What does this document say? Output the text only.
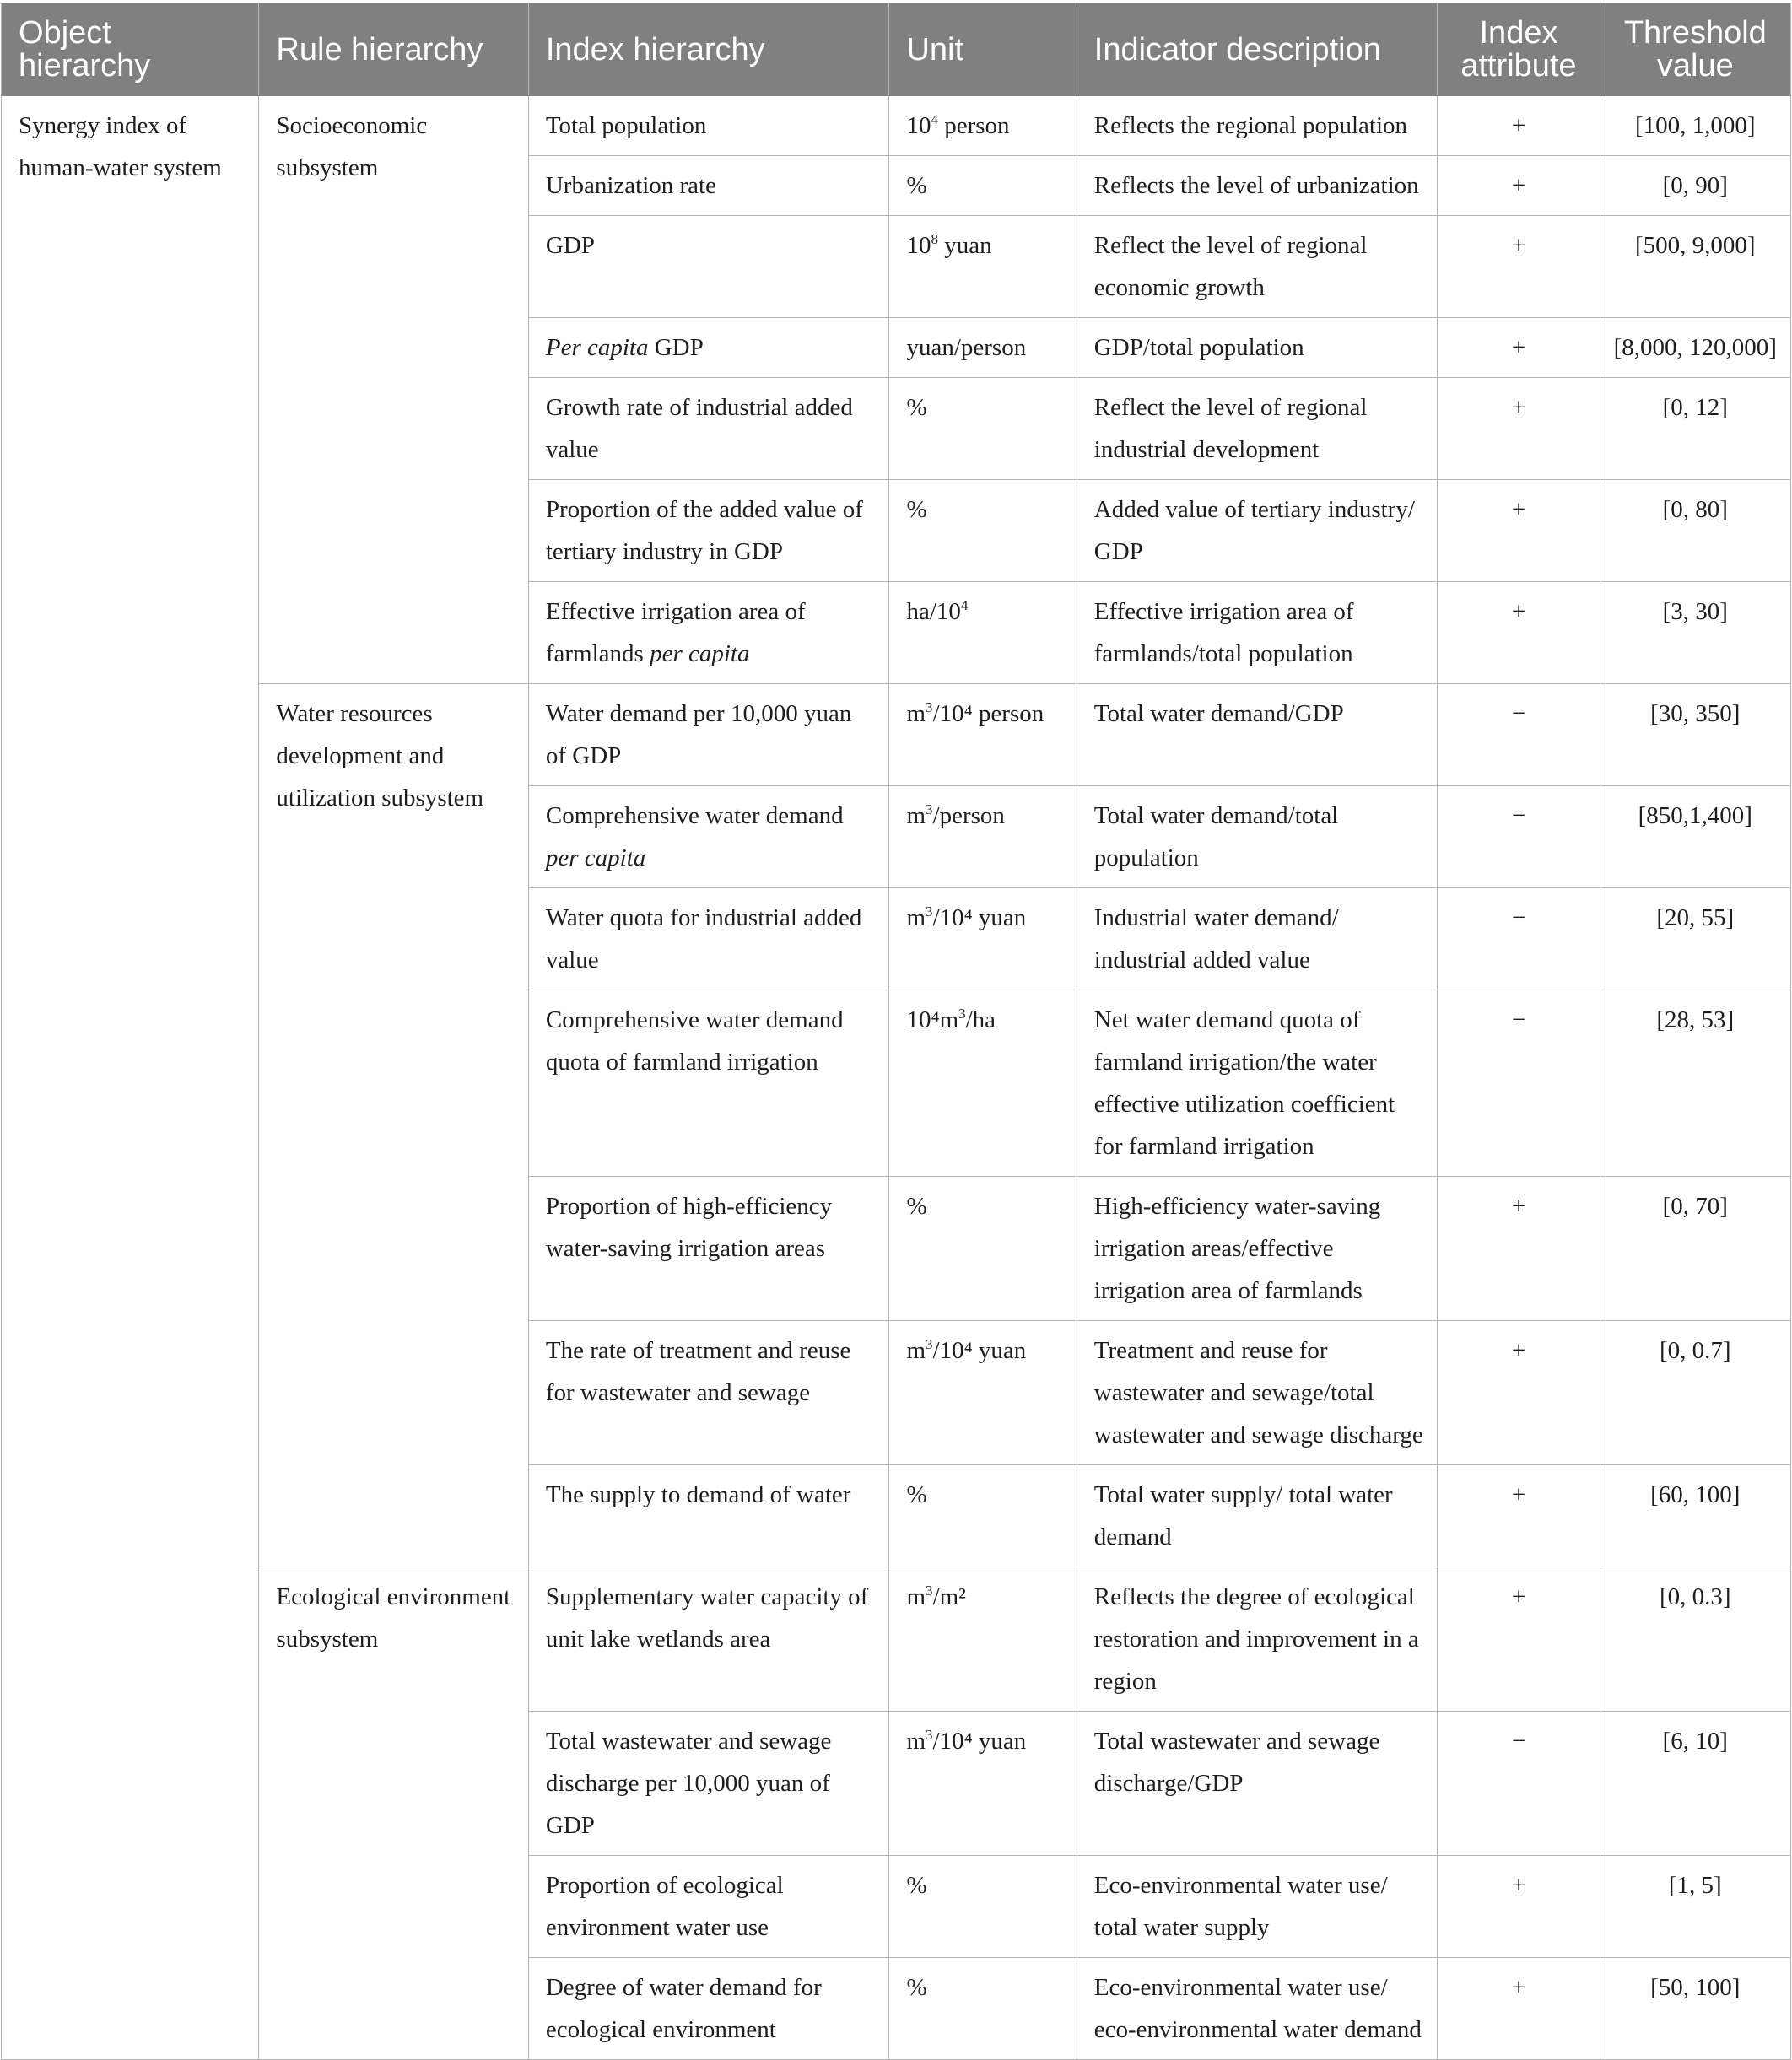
Object hierarchy	Rule hierarchy	Index hierarchy	Unit	Indicator description	Index attribute	Threshold value
Synergy index of human-water system	Socioeconomic subsystem	Total population	$10^4$ person	Reflects the regional population	+	[100, 1,000]
		Urbanization rate	%	Reflects the level of urbanization	+	[0, 90]
		GDP	$10^8$ yuan	Reflect the level of regional economic growth	+	[500, 9,000]
		Per capita GDP	yuan/person	GDP/total population	+	[8,000, 120,000]
		Growth rate of industrial added value	%	Reflect the level of regional industrial development	+	[0, 12]
		Proportion of the added value of tertiary industry in GDP	%	Added value of tertiary industry/ GDP	+	[0, 80]
		Effective irrigation area of farmlands per capita	$ha/10^4$	Effective irrigation area of farmlands/total population	+	[3, 30]
	Water resources development and utilization subsystem	Water demand per 10,000 yuan of GDP	$m^3/10^4$ person	Total water demand/GDP	−	[30, 350]
		Comprehensive water demand per capita	$m^3$/person	Total water demand/total population	−	[850,1,400]
		Water quota for industrial added value	$m^3/10^4$ yuan	Industrial water demand/ industrial added value	−	[20, 55]
		Comprehensive water demand quota of farmland irrigation	$10^4m^3/ha$	Net water demand quota of farmland irrigation/the water effective utilization coefficient for farmland irrigation	−	[28, 53]
		Proportion of high-efficiency water-saving irrigation areas	%	High-efficiency water-saving irrigation areas/effective irrigation area of farmlands	+	[0, 70]
		The rate of treatment and reuse for wastewater and sewage	$m^3/10^4$ yuan	Treatment and reuse for wastewater and sewage/total wastewater and sewage discharge	+	[0, 0.7]
		The supply to demand of water	%	Total water supply/ total water demand	+	[60, 100]
	Ecological environment subsystem	Supplementary water capacity of unit lake wetlands area	$m^3/m^2$	Reflects the degree of ecological restoration and improvement in a region	+	[0, 0.3]
		Total wastewater and sewage discharge per 10,000 yuan of GDP	$m^3/10^4$ yuan	Total wastewater and sewage discharge/GDP	−	[6, 10]
		Proportion of ecological environment water use	%	Eco-environmental water use/ total water supply	+	[1, 5]
		Degree of water demand for ecological environment	%	Eco-environmental water use/ eco-environmental water demand	+	[50, 100]
